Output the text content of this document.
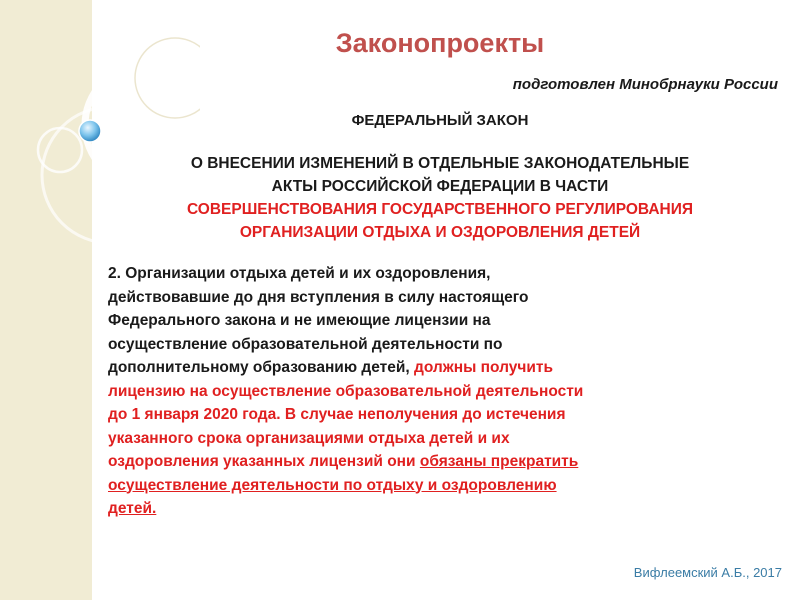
Законопроекты
подготовлен Минобрнауки России
ФЕДЕРАЛЬНЫЙ ЗАКОН
О ВНЕСЕНИИ ИЗМЕНЕНИЙ В ОТДЕЛЬНЫЕ ЗАКОНОДАТЕЛЬНЫЕ
АКТЫ РОССИЙСКОЙ ФЕДЕРАЦИИ В ЧАСТИ
СОВЕРШЕНСТВОВАНИЯ ГОСУДАРСТВЕННОГО РЕГУЛИРОВАНИЯ
ОРГАНИЗАЦИИ ОТДЫХА И ОЗДОРОВЛЕНИЯ ДЕТЕЙ
2. Организации отдыха детей и их оздоровления,
действовавшие до дня вступления в силу настоящего
Федерального закона и не имеющие лицензии на
осуществление образовательной деятельности по
дополнительному образованию детей, должны получить
лицензию на осуществление образовательной деятельности
до 1 января 2020 года. В случае неполучения до истечения
указанного срока организациями отдыха детей и их
оздоровления указанных лицензий они обязаны прекратить
осуществление деятельности по отдыху и оздоровлению
детей.
Вифлеемский А.Б., 2017
